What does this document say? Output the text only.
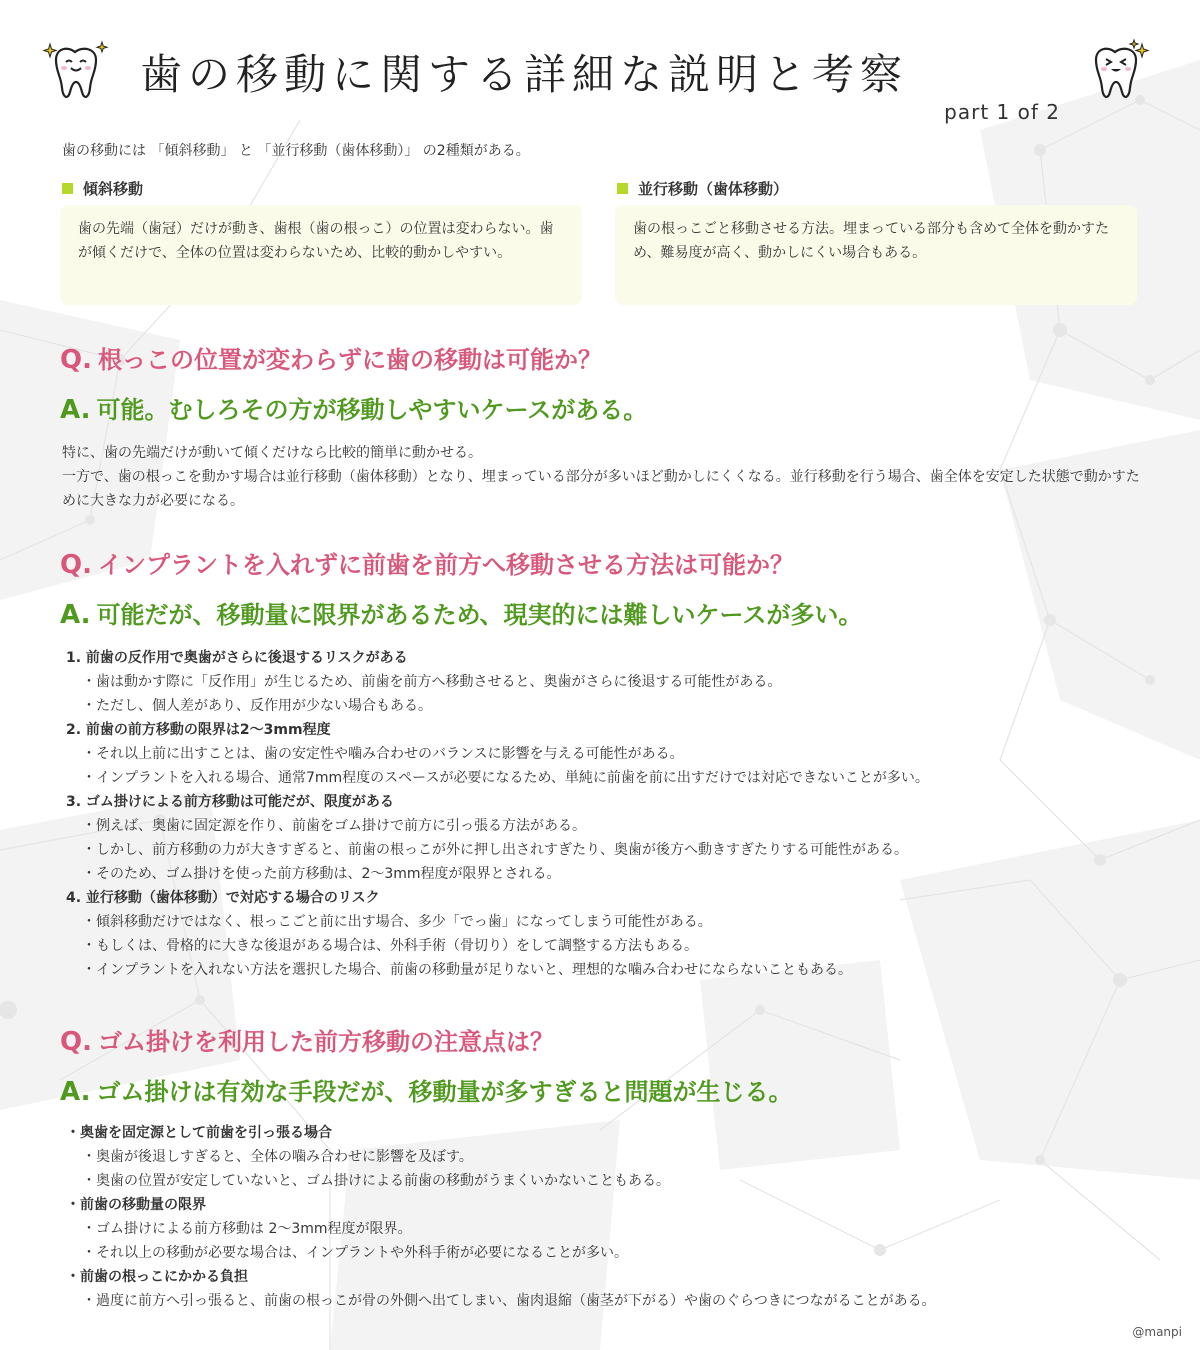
歯の移動に関する詳細な説明と考察
part 1 of 2
歯の移動には 「傾斜移動」 と 「並行移動（歯体移動）」 の2種類がある。
傾斜移動
歯の先端（歯冠）だけが動き、歯根（歯の根っこ）の位置は変わらない。歯が傾くだけで、全体の位置は変わらないため、比較的動かしやすい。
並行移動（歯体移動）
歯の根っこごと移動させる方法。埋まっている部分も含めて全体を動かすため、難易度が高く、動かしにくい場合もある。
Q. 根っこの位置が変わらずに歯の移動は可能か？
A. 可能。むしろその方が移動しやすいケースがある。
特に、歯の先端だけが動いて傾くだけなら比較的簡単に動かせる。
一方で、歯の根っこを動かす場合は並行移動（歯体移動）となり、埋まっている部分が多いほど動かしにくくなる。並行移動を行う場合、歯全体を安定した状態で動かすために大きな力が必要になる。
Q. インプラントを入れずに前歯を前方へ移動させる方法は可能か？
A. 可能だが、移動量に限界があるため、現実的には難しいケースが多い。
1. 前歯の反作用で奥歯がさらに後退するリスクがある
・歯は動かす際に「反作用」が生じるため、前歯を前方へ移動させると、奥歯がさらに後退する可能性がある。
・ただし、個人差があり、反作用が少ない場合もある。
2. 前歯の前方移動の限界は2〜3mm程度
・それ以上前に出すことは、歯の安定性や噛み合わせのバランスに影響を与える可能性がある。
・インプラントを入れる場合、通常7mm程度のスペースが必要になるため、単純に前歯を前に出すだけでは対応できないことが多い。
3. ゴム掛けによる前方移動は可能だが、限度がある
・例えば、奥歯に固定源を作り、前歯をゴム掛けで前方に引っ張る方法がある。
・しかし、前方移動の力が大きすぎると、前歯の根っこが外に押し出されすぎたり、奥歯が後方へ動きすぎたりする可能性がある。
・そのため、ゴム掛けを使った前方移動は、2〜3mm程度が限界とされる。
4. 並行移動（歯体移動）で対応する場合のリスク
・傾斜移動だけではなく、根っこごと前に出す場合、多少「でっ歯」になってしまう可能性がある。
・もしくは、骨格的に大きな後退がある場合は、外科手術（骨切り）をして調整する方法もある。
・インプラントを入れない方法を選択した場合、前歯の移動量が足りないと、理想的な噛み合わせにならないこともある。
Q. ゴム掛けを利用した前方移動の注意点は？
A. ゴム掛けは有効な手段だが、移動量が多すぎると問題が生じる。
・奥歯を固定源として前歯を引っ張る場合
・奥歯が後退しすぎると、全体の噛み合わせに影響を及ぼす。
・奥歯の位置が安定していないと、ゴム掛けによる前歯の移動がうまくいかないこともある。
・前歯の移動量の限界
・ゴム掛けによる前方移動は 2〜3mm程度が限界。
・それ以上の移動が必要な場合は、インプラントや外科手術が必要になることが多い。
・前歯の根っこにかかる負担
・過度に前方へ引っ張ると、前歯の根っこが骨の外側へ出てしまい、歯肉退縮（歯茎が下がる）や歯のぐらつきにつながることがある。
@manpi
